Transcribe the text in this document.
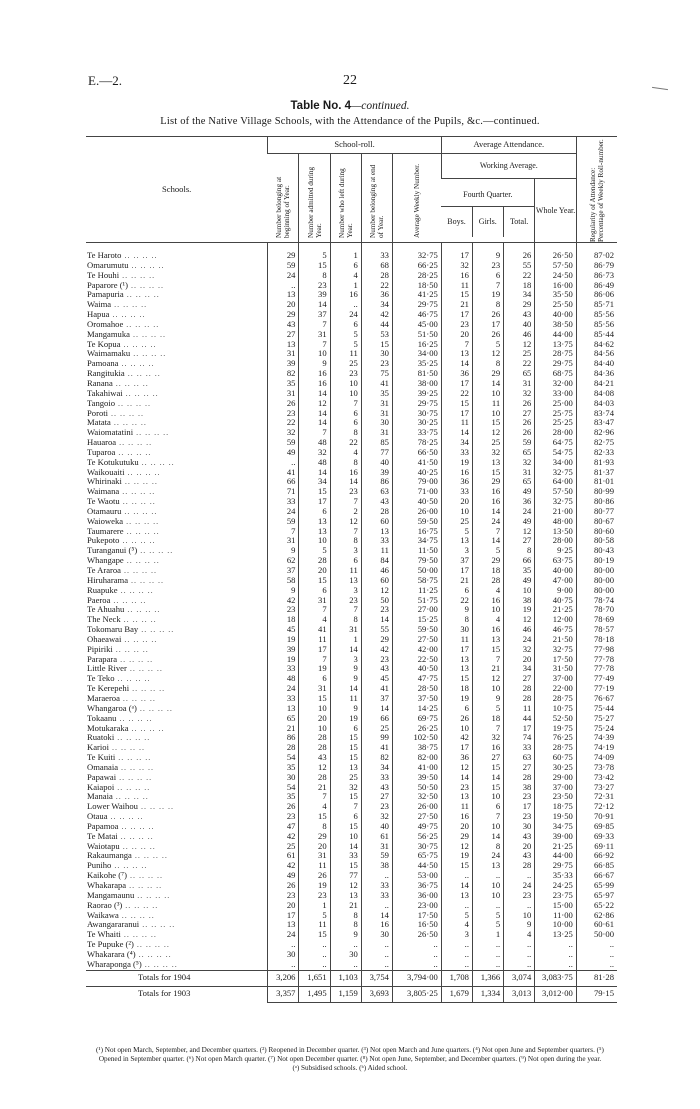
E.—2.	22
Table No. 4—continued.
List of the Native Village Schools, with the Attendance of the Pupils, &c.—continued.
Schools.	School-roll.					Average Attendance.				Regularity of Attendance: Percentage of Weekly Roll-number.

	Number belonging at beginning of Year.	Number admitted during Year.	Number who left during Year.	Number belonging at end of Year.	Average Weekly Number.	Working Average.				

						Fourth Quarter.
Boys. Girls. Total.			Whole Year.	

Te Haroto .. .. .. ..	29	5	1	33	32·75	17	9	26	26·50	87·02
Omarumutu .. .. .. ..	59	15	6	68	66·25	32	23	55	57·50	86·79
Te Houhi .. .. .. ..	24	8	4	28	28·25	16	6	22	24·50	86·73
Paparore (¹) .. .. .. ..	..	23	1	22	18·50	11	7	18	16·00	86·49
Pamapuria .. .. .. ..	13	39	16	36	41·25	15	19	34	35·50	86·06
Waima .. .. .. ..	20	14	..	34	29·75	21	8	29	25·50	85·71
Hapua .. .. .. ..	29	37	24	42	46·75	17	26	43	40·00	85·56
Oromahoe .. .. .. ..	43	7	6	44	45·00	23	17	40	38·50	85·56
Mangamuka .. .. .. ..	27	31	5	53	51·50	20	26	46	44·00	85·44
Te Kopua .. .. .. ..	13	7	5	15	16·25	7	5	12	13·75	84·62
Waimamaku .. .. .. ..	31	10	11	30	34·00	13	12	25	28·75	84·56
Pamoana .. .. .. ..	39	9	25	23	35·25	14	8	22	29·75	84·40
Rangitukia .. .. .. ..	82	16	23	75	81·50	36	29	65	68·75	84·36
Ranana .. .. .. ..	35	16	10	41	38·00	17	14	31	32·00	84·21
Takahiwai .. .. .. ..	31	14	10	35	39·25	22	10	32	33·00	84·08
Tangoio .. .. .. ..	26	12	7	31	29·75	15	11	26	25·00	84·03
Poroti .. .. .. ..	23	14	6	31	30·75	17	10	27	25·75	83·74
Matata .. .. .. ..	22	14	6	30	30·25	11	15	26	25·25	83·47
Waiomatatini .. .. .. ..	32	7	8	31	33·75	14	12	26	28·00	82·96
Hauaroa .. .. .. ..	59	48	22	85	78·25	34	25	59	64·75	82·75
Tuparoa .. .. .. ..	49	32	4	77	66·50	33	32	65	54·75	82·33
Te Kotukutuku .. .. .. ..	..	48	8	40	41·50	19	13	32	34·00	81·93
Waikouaiti .. .. .. ..	41	14	16	39	40·25	16	15	31	32·75	81·37
Whirinaki .. .. .. ..	66	34	14	86	79·00	36	29	65	64·00	81·01
Waimana .. .. .. ..	71	15	23	63	71·00	33	16	49	57·50	80·99
Te Waotu .. .. .. ..	33	17	7	43	40·50	20	16	36	32·75	80·86
Otamauru .. .. .. ..	24	6	2	28	26·00	10	14	24	21·00	80·77
Waioweka .. .. .. ..	59	13	12	60	59·50	25	24	49	48·00	80·67
Taumarere .. .. .. ..	7	13	7	13	16·75	5	7	12	13·50	80·60
Pukepoto .. .. .. ..	31	10	8	33	34·75	13	14	27	28·00	80·58
Turanganui (⁵) .. .. .. ..	9	5	3	11	11·50	3	5	8	9·25	80·43
Whangape .. .. .. ..	62	28	6	84	79·50	37	29	66	63·75	80·19
Te Araroa .. .. .. ..	37	20	11	46	50·00	17	18	35	40·00	80·00
Hiruharama .. .. .. ..	58	15	13	60	58·75	21	28	49	47·00	80·00
Ruapuke .. .. .. ..	9	6	3	12	11·25	6	4	10	9·00	80·00
Paeroa .. .. .. ..	42	31	23	50	51·75	22	16	38	40·75	78·74
Te Ahuahu .. .. .. ..	23	7	7	23	27·00	9	10	19	21·25	78·70
The Neck .. .. .. ..	18	4	8	14	15·25	8	4	12	12·00	78·69
Tokomaru Bay .. .. .. ..	45	41	31	55	59·50	30	16	46	46·75	78·57
Ohaeawai .. .. .. ..	19	11	1	29	27·50	11	13	24	21·50	78·18
Pipiriki .. .. .. ..	39	17	14	42	42·00	17	15	32	32·75	77·98
Parapara .. .. .. ..	19	7	3	23	22·50	13	7	20	17·50	77·78
Little River .. .. .. ..	33	19	9	43	40·50	13	21	34	31·50	77·78
Te Teko .. .. .. ..	48	6	9	45	47·75	15	12	27	37·00	77·49
Te Kerepehi .. .. .. ..	24	31	14	41	28·50	18	10	28	22·00	77·19
Maraeroa .. .. .. ..	33	15	11	37	37·50	19	9	28	28·75	76·67
Whangaroa (ᵃ) .. .. .. ..	13	10	9	14	14·25	6	5	11	10·75	75·44
Tokaanu .. .. .. ..	65	20	19	66	69·75	26	18	44	52·50	75·27
Motukaraka .. .. .. ..	21	10	6	25	26·25	10	7	17	19·75	75·24
Ruatoki .. .. .. ..	86	28	15	99	102·50	42	32	74	76·25	74·39
Karioi .. .. .. ..	28	28	15	41	38·75	17	16	33	28·75	74·19
Te Kuiti .. .. .. ..	54	43	15	82	82·00	36	27	63	60·75	74·09
Omanaia .. .. .. ..	35	12	13	34	41·00	12	15	27	30·25	73·78
Papawai .. .. .. ..	30	28	25	33	39·50	14	14	28	29·00	73·42
Kaiapoi .. .. .. ..	54	21	32	43	50·50	23	15	38	37·00	73·27
Manaia .. .. .. ..	35	7	15	27	32·50	13	10	23	23·50	72·31
Lower Waihou .. .. .. ..	26	4	7	23	26·00	11	6	17	18·75	72·12
Otaua .. .. .. ..	23	15	6	32	27·50	16	7	23	19·50	70·91
Papamoa .. .. .. ..	47	8	15	40	49·75	20	10	30	34·75	69·85
Te Matai .. .. .. ..	42	29	10	61	56·25	29	14	43	39·00	69·33
Waiotapu .. .. .. ..	25	20	14	31	30·75	12	8	20	21·25	69·11
Rakaumanga .. .. .. ..	61	31	33	59	65·75	19	24	43	44·00	66·92
Puniho .. .. .. ..	42	11	15	38	44·50	15	13	28	29·75	66·85
Kaikohe (⁷) .. .. .. ..	49	26	77	..	53·00	..	..	..	35·33	66·67
Whakarapa .. .. .. ..	26	19	12	33	36·75	14	10	24	24·25	65·99
Mangamaunu .. .. .. ..	23	23	13	33	36·00	13	10	23	23·75	65·97
Raorao (³) .. .. .. ..	20	1	21	..	23·00	..	..	..	15·00	65·22
Waikawa .. .. .. ..	17	5	8	14	17·50	5	5	10	11·00	62·86
Awangararanui .. .. .. ..	13	11	8	16	16·50	4	5	9	10·00	60·61
Te Whaiti .. .. .. ..	24	15	9	30	26·50	3	1	4	13·25	50·00
Te Pupuke (²) .. .. .. ..	..	..	..	..	..	..	..	..	..	..
Whakarara (⁴) .. .. .. ..	30	..	30	..	..	..	..	..	..	..
Wharaponga (⁵) .. .. .. ..	..	..	..	..	..	..	..	..	..	..
Totals for 1904	3,206	1,651	1,103	3,754	3,794·00	1,708	1,366	3,074	3,083·75	81·28
Totals for 1903	3,357	1,495	1,159	3,693	3,805·25	1,679	1,334	3,013	3,012·00	79·15
(¹) Not open March, September, and December quarters. (²) Reopened in December quarter. (³) Not open March and June quarters. (⁴) Not open June and September quarters. (⁵) Opened in September quarter. (⁶) Not open March quarter. (⁷) Not open December quarter. (⁸) Not open June, September, and December quarters. (⁹) Not open during the year.
(ᵃ) Subsidised schools. (ᵇ) Aided school.
